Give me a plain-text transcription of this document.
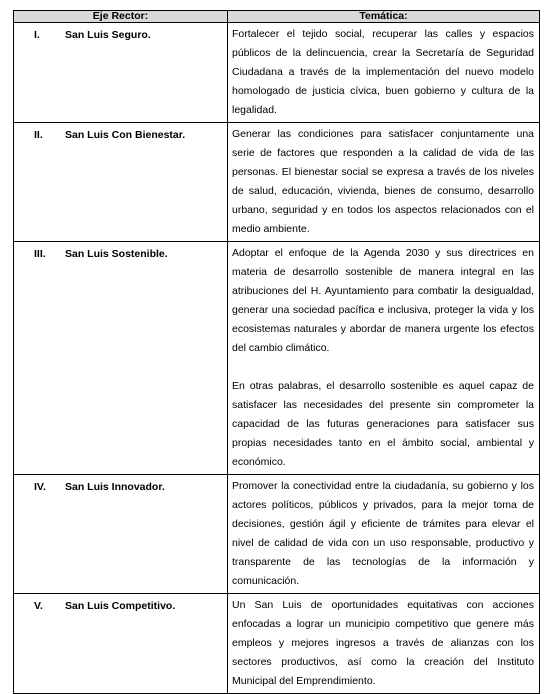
Eje Rector:	Temática:
I. San Luis Seguro.	Fortalecer el tejido social, recuperar las calles y espacios públicos de la delincuencia, crear la Secretaría de Seguridad Ciudadana a través de la implementación del nuevo modelo homologado de justicia cívica, buen gobierno y cultura de la legalidad.

II. San Luis Con Bienestar.	Generar las condiciones para satisfacer conjuntamente una serie de factores que responden a la calidad de vida de las personas. El bienestar social se expresa a través de los niveles de salud, educación, vivienda, bienes de consumo, desarrollo urbano, seguridad y en todos los aspectos relacionados con el medio ambiente.

III. San Luis Sostenible.	Adoptar el enfoque de la Agenda 2030 y sus directrices en materia de desarrollo sostenible de manera integral en las atribuciones del H. Ayuntamiento para combatir la desigualdad, generar una sociedad pacífica e inclusiva, proteger la vida y los ecosistemas naturales y abordar de manera urgente los efectos del cambio climático.

En otras palabras, el desarrollo sostenible es aquel capaz de satisfacer las necesidades del presente sin comprometer la capacidad de las futuras generaciones para satisfacer sus propias necesidades tanto en el ámbito social, ambiental y económico.

IV. San Luis Innovador.	Promover la conectividad entre la ciudadanía, su gobierno y los actores políticos, públicos y privados, para la mejor toma de decisiones, gestión ágil y eficiente de trámites para elevar el nivel de calidad de vida con un uso responsable, productivo y transparente de las tecnologías de la información y comunicación.

V. San Luis Competitivo.	Un San Luis de oportunidades equitativas con acciones enfocadas a lograr un municipio competitivo que genere más empleos y mejores ingresos a través de alianzas con los sectores productivos, así como la creación del Instituto Municipal del Emprendimiento.
